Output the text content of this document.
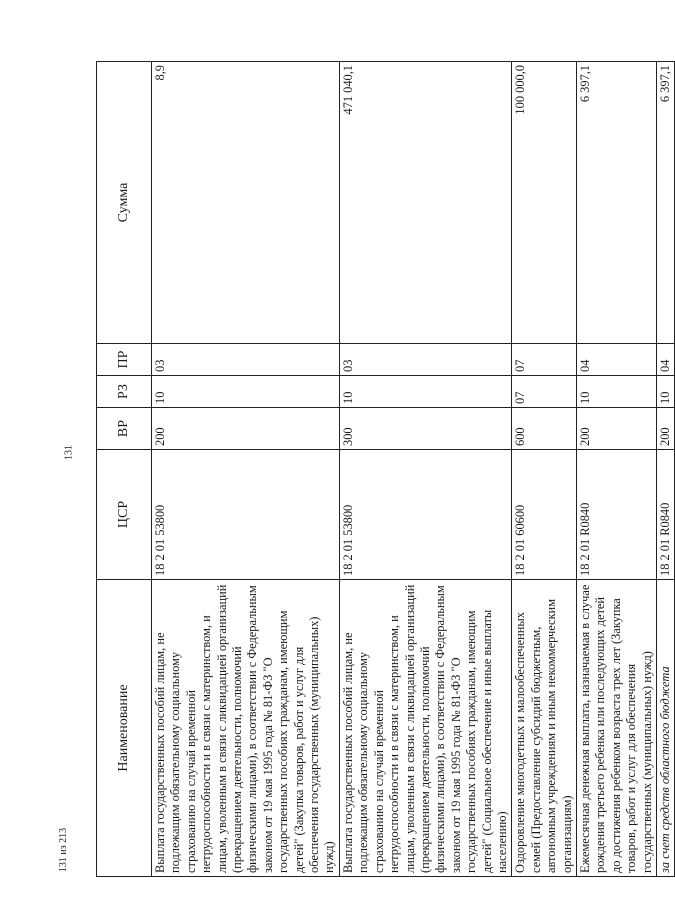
131
131 из 213
Наименование	ЦСР	ВР	РЗ	ПР	Сумма
Выплата государственных пособий лицам, не подлежащим обязательному социальному страхованию на случай временной нетрудоспособности и в связи с материнством, и лицам, уволенным в связи с ликвидацией организаций (прекращением деятельности, полномочий физическими лицами), в соответствии с Федеральным законом от 19 мая 1995 года № 81-ФЗ "О государственных пособиях гражданам, имеющим детей" (Закупка товаров, работ и услуг для обеспечения государственных (муниципальных) нужд)	18 2 01 53800	200	10	03	8,9
Выплата государственных пособий лицам, не подлежащим обязательному социальному страхованию на случай временной нетрудоспособности и в связи с материнством, и лицам, уволенным в связи с ликвидацией организаций (прекращением деятельности, полномочий физическими лицами), в соответствии с Федеральным законом от 19 мая 1995 года № 81-ФЗ "О государственных пособиях гражданам, имеющим детей" (Социальное обеспечение и иные выплаты населению)	18 2 01 53800	300	10	03	471 040,1
Оздоровление многодетных и малообеспеченных семей (Предоставление субсидий бюджетным, автономным учреждениям и иным некоммерческим организациям)	18 2 01 60600	600	07	07	100 000,0
Ежемесячная денежная выплата, назначаемая в случае рождения третьего ребенка или последующих детей до достижения ребенком возраста трех лет (Закупка товаров, работ и услуг для обеспечения государственных (муниципальных) нужд)	18 2 01 R0840	200	10	04	6 397,1
за счет средств областного бюджета	18 2 01 R0840	200	10	04	6 397,1
